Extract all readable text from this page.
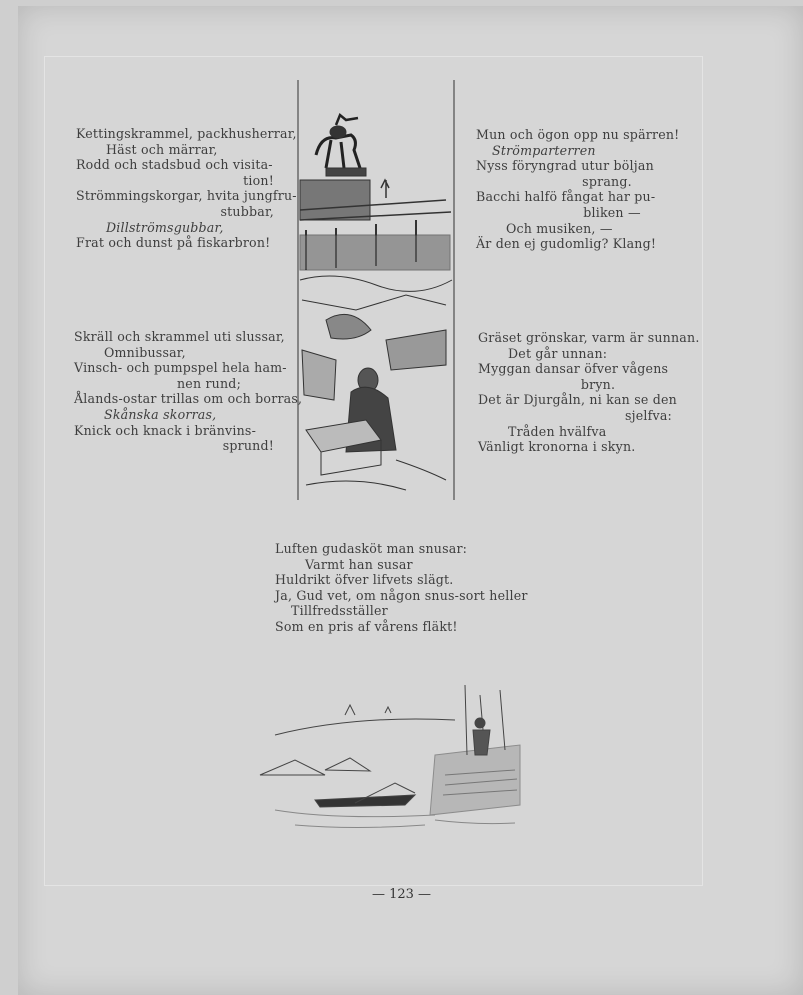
Kettingskrammel, packhusherrar,
Häst och märrar,
Rodd och stadsbud och visita-
tion!
Strömmingskorgar, hvita jungfru-
stubbar,
Dillströmsgubbar,
Frat och dunst på fiskarbron!
Skräll och skrammel uti slussar,
Omnibussar,
Vinsch- och pumpspel hela ham-
nen rund;
Ålands-ostar trillas om och borras,
Skånska skorras,
Knick och knack i bränvins-
sprund!
Mun och ögon opp nu spärren!
Strömparterren
Nyss föryngrad utur böljan
sprang.
Bacchi halfö fångat har pu-
bliken —
Och musiken, —
Är den ej gudomlig? Klang!
Gräset grönskar, varm är sunnan.
Det går unnan:
Myggan dansar öfver vågens
bryn.
Det är Djurgåln, ni kan se den
sjelfva:
Tråden hvälfva
Vänligt kronorna i skyn.
Luften gudasköt man snusar:
Varmt han susar
Huldrikt öfver lifvets slägt.
Ja, Gud vet, om någon snus-sort heller
Tillfredsställer
Som en pris af vårens fläkt!
— 123 —
